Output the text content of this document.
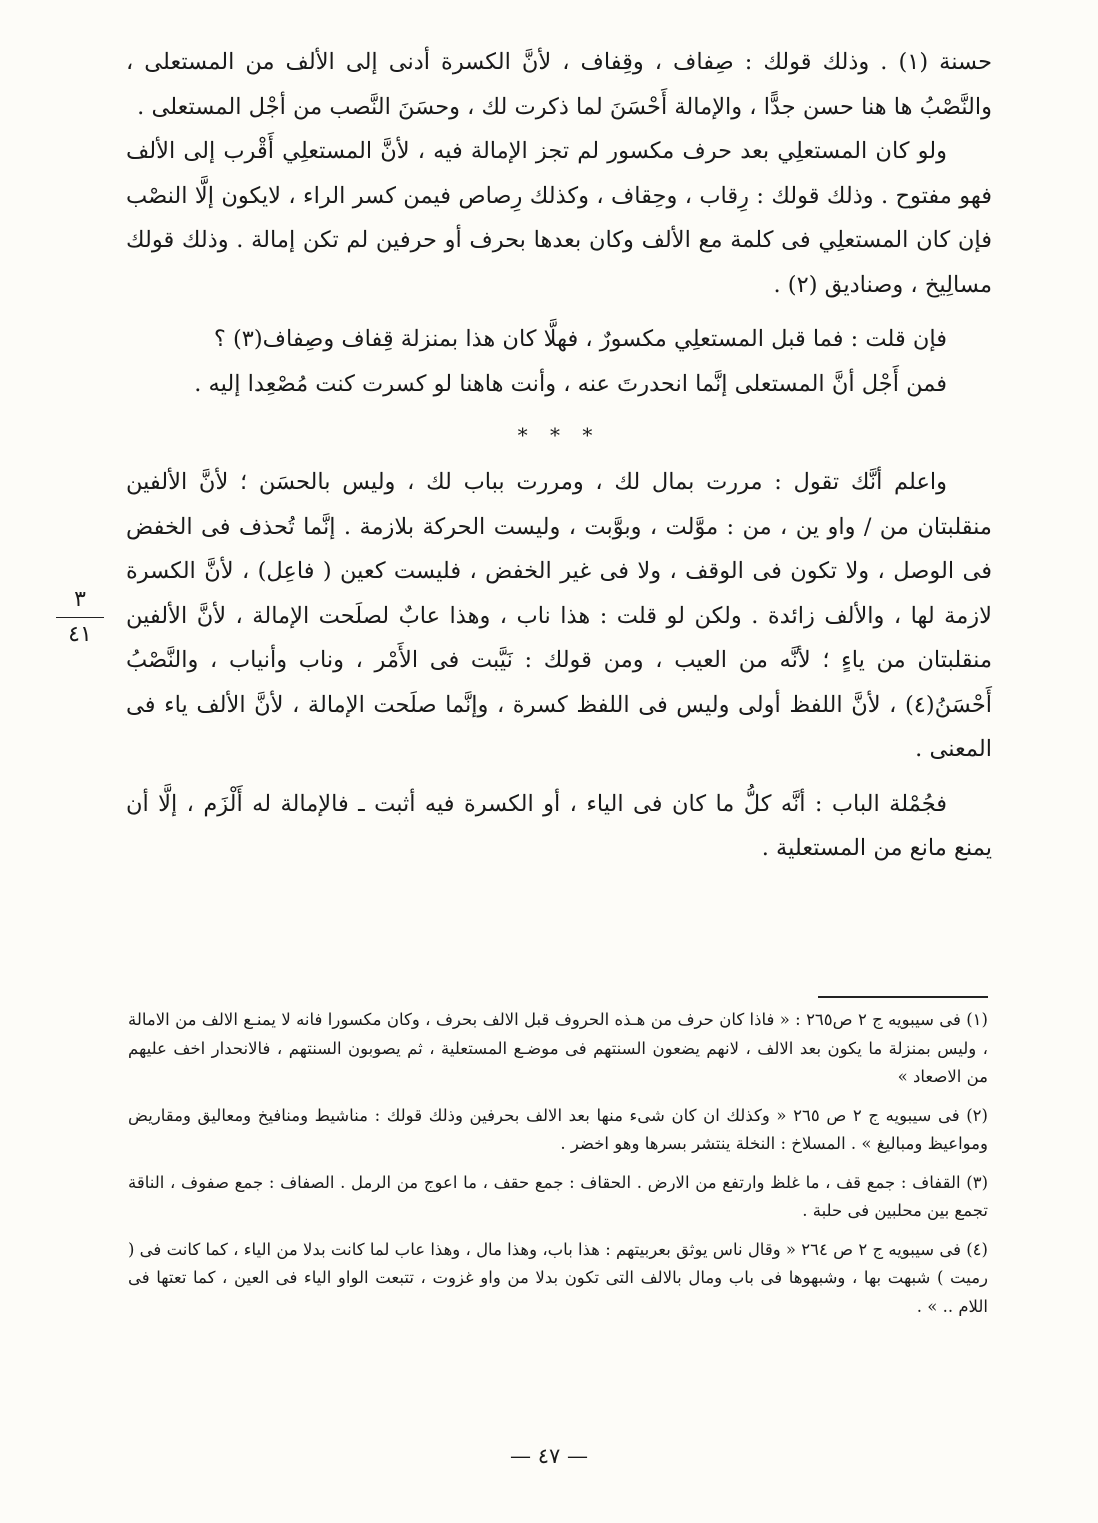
حسنة (١) . وذلك قولك : صِفاف ، وقِفاف ، لأنَّ الكسرة أدنى إلى الألف من المستعلى ، والنَّصْبُ ها هنا حسن جدًّا ، والإمالة أَحْسَنَ لما ذكرت لك ، وحسَنَ النَّصب من أجْل المستعلى .

ولو كان المستعلِي بعد حرف مكسور لم تجز الإمالة فيه ، لأنَّ المستعلِي أَقْرب إلى الألف فهو مفتوح . وذلك قولك : رِقاب ، وحِقاف ، وكذلك رِصاص فيمن كسر الراء ، لايكون إلَّا النصْب فإن كان المستعلِي فى كلمة مع الألف وكان بعدها بحرف أو حرفين لم تكن إمالة . وذلك قولك مسالِيخ ، وصناديق (٢) .

فإن قلت : فما قبل المستعلِي مكسورٌ ، فهلَّا كان هذا بمنزلة قِفاف وصِفاف(٣) ؟

فمن أَجْل أنَّ المستعلى إنَّما انحدرتَ عنه ، وأنت هاهنا لو كسرت كنت مُصْعِدا إليه .

* * *

واعلم أنَّك تقول : مررت بمال لك ، ومررت بباب لك ، وليس بالحسَن ؛ لأنَّ الألفين منقلبتان من / واو ين ، من : موَّلت ، وبوَّبت ، وليست الحركة بلازمة . إنَّما تُحذف فى الخفض فى الوصل ، ولا تكون فى الوقف ، ولا فى غير الخفض ، فليست كعين ( فاعِل) ، لأنَّ الكسرة لازمة لها ، والألف زائدة . ولكن لو قلت : هذا ناب ، وهذا عابٌ لصلَحت الإمالة ، لأنَّ الألفين منقلبتان من ياءٍ ؛ لأنَّه من العيب ، ومن قولك : نَيَّبت فى الأَمْر ، وناب وأنياب ، والنَّصْبُ أَحْسَنُ(٤) ، لأنَّ اللفظ أولى وليس فى اللفظ كسرة ، وإنَّما صلَحت الإمالة ، لأنَّ الألف ياء فى المعنى .

فجُمْلة الباب : أنَّه كلُّ ما كان فى الياء ، أو الكسرة فيه أثبت ـ فالإمالة له أَلْزَم ، إلَّا أن يمنع مانع من المستعلية .

٣
٤١

(١) فى سيبويه ج ٢ ص٢٦٥ : « فاذا كان حرف من هـذه الحروف قبل الالف بحرف ، وكان مكسورا فانه لا يمنـع الالف من الامالة ، وليس بمنزلة ما يكون بعد الالف ، لانهم يضعون السنتهم فى موضـع المستعلية ، ثم يصوبون السنتهم ، فالانحدار اخف عليهم من الاصعاد »

(٢) فى سيبويه ج ٢ ص ٢٦٥ « وكذلك ان كان شىء منها بعد الالف بحرفين وذلك قولك : مناشيط ومنافيخ ومعاليق ومقاريض ومواعيظ ومباليغ » . المسلاخ : النخلة ينتشر بسرها وهو اخضر .

(٣) القفاف : جمع قف ، ما غلظ وارتفع من الارض . الحقاف : جمع حقف ، ما اعوج من الرمل . الصفاف : جمع صفوف ، الناقة تجمع بين محلبين فى حلبة .

(٤) فى سيبويه ج ٢ ص ٢٦٤ « وقال ناس يوثق بعربيتهم : هذا باب، وهذا مال ، وهذا عاب لما كانت بدلا من الياء ، كما كانت فى ( رميت ) شبهت بها ، وشبهوها فى باب ومال بالالف التى تكون بدلا من واو غزوت ، تتبعت الواو الياء فى العين ، كما تعتها فى اللام .. » .

— ٤٧ —
